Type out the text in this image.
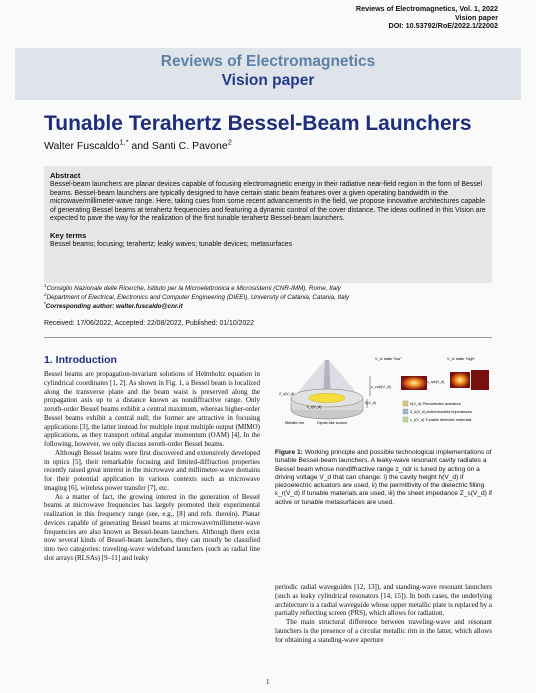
Reviews of Electromagnetics, Vol. 1, 2022
Vision paper
DOI: 10.53792/RoE/2022.1/22002
Reviews of Electromagnetics
Vision paper
Tunable Terahertz Bessel-Beam Launchers
Walter Fuscaldo$^{1,*}$ and Santi C. Pavone$^2$
Abstract

Bessel-beam launchers are planar devices capable of focusing electromagnetic energy in their radiative near-field region in the form of Bessel beams. Bessel-beam launchers are typically designed to have certain static beam features over a given operating bandwidth in the microwave/millimeter-wave range. Here, taking cues from some recent advancements in the field, we propose innovative architectures capable of generating Bessel beams at terahertz frequencies and featuring a dynamic control of the cover distance. The ideas outlined in this Vision are expected to pave the way for the realization of the first tunable terahertz Bessel-beam launchers.

Key terms

Bessel beams; focusing; terahertz; leaky waves; tunable devices; metasurfaces

$^1$Consiglio Nazionale delle Ricerche, Istituto per la Microelettronica e Microsistemi (CNR-IMM), Rome, Italy
$^2$Department of Electrical, Electronics and Computer Engineering (DIEEI), University of Catania, Catania, Italy
*Corresponding author: walter.fuscaldo@cnr.it
Received: 17/06/2022, Accepted: 22/08/2022, Published: 01/10/2022
1. Introduction

Bessel beams are propagation-invariant solutions of Helmholtz equation in cylindrical coordinates [1, 2]. As shown in Fig. 1, a Bessel beam is localized along the transverse plane and the beam waist is preserved along the propagation axis up to a distance known as nondiffractive range. Only zeroth-order Bessel beams exhibit a central maximum, whereas higher-order Bessel beams exhibit a central null; the former are attractive in focusing applications [3], the latter instead for multiple input multiple output (MIMO) applications, as they transport orbital angular momentum (OAM) [4]. In the following, however, we only discuss zeroth-order Bessel beams.

Although Bessel beams were first discovered and extensively developed in optics [5], their remarkable focusing and limited-diffraction properties recently raised great interest in the microwave and millimeter-wave domains for their potential application in various contexts such as microwave imaging [6], wireless power transfer [7], etc.

As a matter of fact, the growing interest in the generation of Bessel beams at microwave frequencies has largely promoted their experimental realization in this frequency range (see, e.g., [8] and refs. therein). Planar devices capable of generating Bessel beams at microwave/millimeter-wave frequencies are also known as Bessel-beam launchers. Although there exist now several kinds of Bessel-beam launchers, they can mostly be classified into two categories: traveling-wave wideband launchers (such as radial line slot arrays (RLSAs) [9–11] and leaky

z_ndr(V_d)
h(V_d)
ε_r(V_d)
Z_s(V_d)
Metallic rim	Dipole-like source
V_d: state "low"	V_d: state "high"
z_ndr(V_d)
h(V_d) Piezoelectric actuators
Z_s(V_d) Active/tunable impedances
ε_r(V_d) Tunable dielectric materials
Figure 1: Working principle and possible technological implementations of tunable Bessel-beam launchers. A leaky-wave resonant cavity radiates a Bessel beam whose nondiffractive range z_ndr is tuned by acting on a driving voltage V_d that can change: i) the cavity height h(V_d) if piezoelectric actuators are used, ii) the permittivity of the dielectric filling ε_r(V_d) if tunable materials are used, iii) the sheet impedance Z_s(V_d) if active or tunable metasurfaces are used.

periodic radial waveguides [12, 13]), and standing-wave resonant launchers (such as leaky cylindrical resonators [14, 15]). In both cases, the underlying architecture is a radial waveguide whose upper metallic plate is replaced by a partially reflecting screen (PRS), which allows for radiation.

The main structural difference between traveling-wave and resonant launchers is the presence of a circular metallic rim in the latter, which allows for obtaining a standing-wave aperture

1
